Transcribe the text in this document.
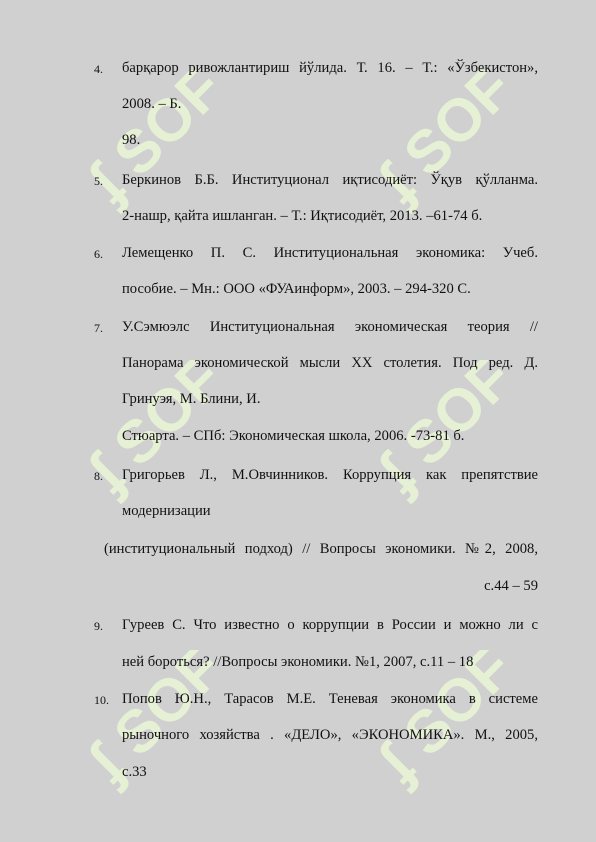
ʄ SOFT ʄ SOFT
ʄ SOFT ʄ SOFT
ʄ SOFT ʄ SOFT
4. барқарор ривожлантириш йўлида. Т. 16. – Т.: «Ўзбекистон»,
2008. – Б.
98.
5. Беркинов Б.Б. Институционал иқтисодиёт: Ўқув қўлланма.
2-нашр, қайта ишланган. – Т.: Иқтисодиёт, 2013. –61-74 б.
6. Лемещенко П. С. Институциональная экономика: Учеб.
пособие. – Мн.: ООО «ФУАинформ», 2003. – 294-320 С.
7. У.Сэмюэлс Институциональная экономическая теория //
Панорама экономической мысли XX столетия. Под ред. Д.
Гринуэя, М. Блини, И.
Стюарта. – СПб: Экономическая школа, 2006. -73-81 б.
8. Григорьев Л., М.Овчинников. Коррупция как препятствие
модернизации
(институциональный подход) // Вопросы экономики. №2, 2008,
с.44 – 59
9. Гуреев С. Что известно о коррупции в России и можно ли с
ней бороться? //Вопросы экономики. №1, 2007, с.11 – 18
10. Попов Ю.Н., Тарасов М.Е. Теневая экономика в системе
рыночного хозяйства . «ДЕЛО», «ЭКОНОМИКА». М., 2005,
с.33
